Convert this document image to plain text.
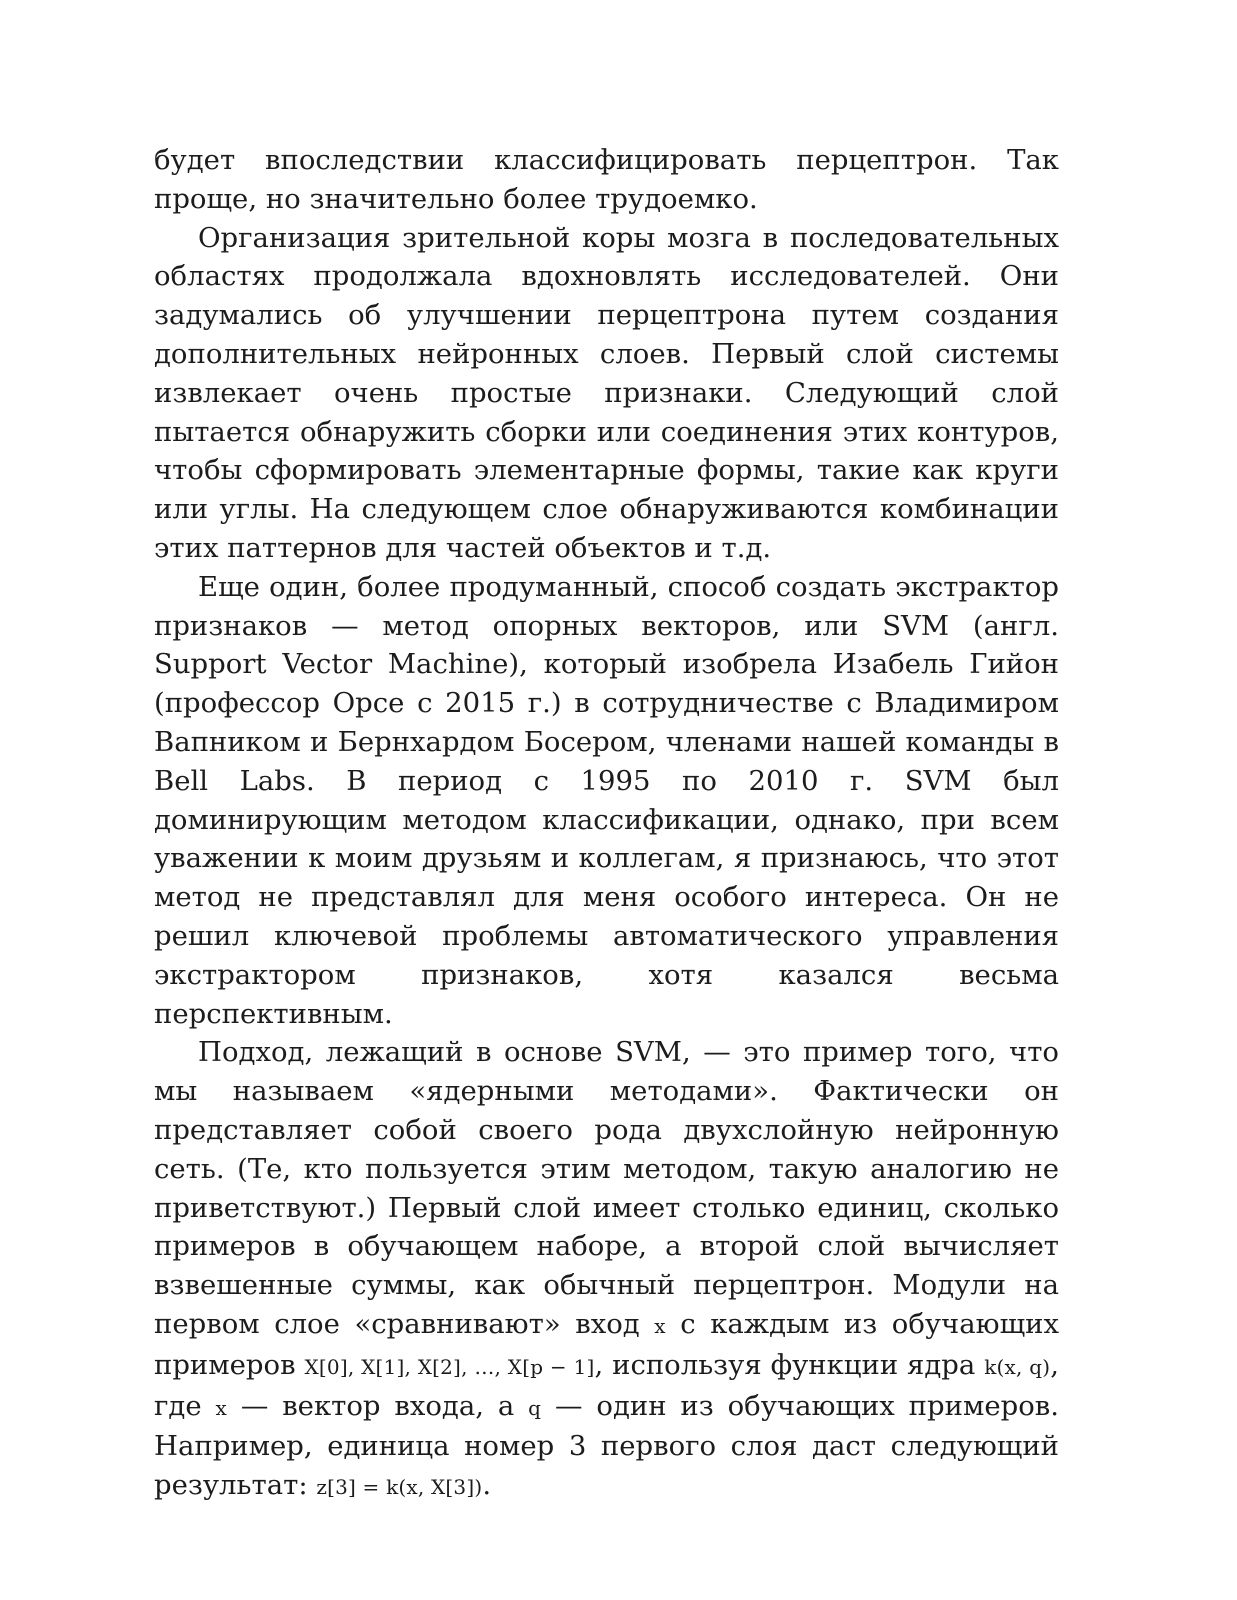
будет впоследствии классифицировать перцептрон. Так проще, но значительно более трудоемко.

Организация зрительной коры мозга в последовательных областях продолжала вдохновлять исследователей. Они задумались об улучшении перцептрона путем создания дополнительных нейронных слоев. Первый слой системы извлекает очень простые признаки. Следующий слой пытается обнаружить сборки или соединения этих контуров, чтобы сформировать элементарные формы, такие как круги или углы. На следующем слое обнаруживаются комбинации этих паттернов для частей объектов и т.д.

Еще один, более продуманный, способ создать экстрактор признаков — метод опорных векторов, или SVM (англ. Support Vector Machine), который изобрела Изабель Гийон (профессор Орсе с 2015 г.) в сотрудничестве с Владимиром Вапником и Бернхардом Босером, членами нашей команды в Bell Labs. В период с 1995 по 2010 г. SVM был доминирующим методом классификации, однако, при всем уважении к моим друзьям и коллегам, я признаюсь, что этот метод не представлял для меня особого интереса. Он не решил ключевой проблемы автоматического управления экстрактором признаков, хотя казался весьма перспективным.

Подход, лежащий в основе SVM, — это пример того, что мы называем «ядерными методами». Фактически он представляет собой своего рода двухслойную нейронную сеть. (Те, кто пользуется этим методом, такую аналогию не приветствуют.) Первый слой имеет столько единиц, сколько примеров в обучающем наборе, а второй слой вычисляет взвешенные суммы, как обычный перцептрон. Модули на первом слое «сравнивают» вход x с каждым из обучающих примеров X[0], X[1], X[2], …, X[p − 1], используя функции ядра k(x, q), где x — вектор входа, а q — один из обучающих примеров. Например, единица номер 3 первого слоя даст следующий результат: z[3] = k(x, X[3]).
